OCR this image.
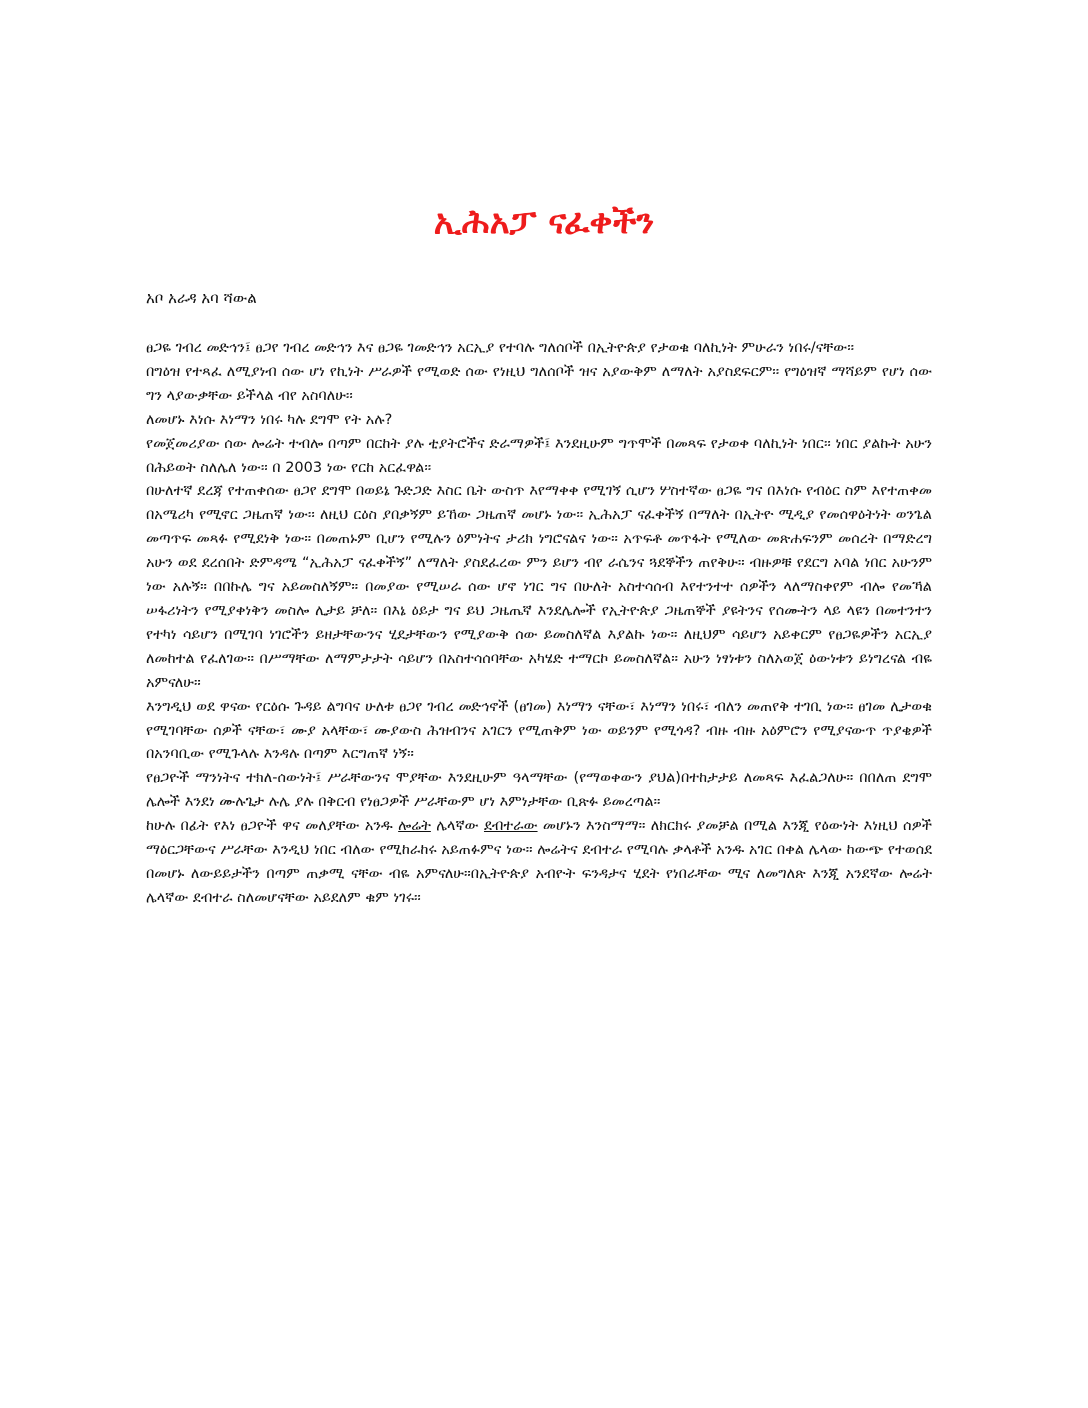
ኢሕአፓ ናፈቀችን

አቦ አራዳ አባ ሻውል

ፀጋዬ ገብረ መድኅን፤ ፀጋየ ገብረ መድኅን እና ፀጋዬ ገመድኅን አርኢያ የተባሉ ግለሰቦች በኢትዮጵያ የታወቁ ባለኪነት ምሁራን ነበሩ/ናቸው፡፡

በግዕዝ የተጻፈ ለሚያነብ ሰው ሆነ የኪነት ሥራዎች የሚወድ ሰው የነዚህ ግለሰቦች ዝና አያውቅም ለማለት አያስደፍርም፡፡ የግዕዝኛ ማሻይም የሆነ ሰው ግን ላያውቃቸው ይችላል ብየ አስባለሁ፡፡

ለመሆኑ እነሱ እነማን ነበሩ ካሉ ደግሞ የት አሉ?

የመጀመሪያው ሰው ሎሬት ተብሎ በጣም በርከት ያሉ ቲያትሮችና ድራማዎች፤ እንደዚሁም ግጥሞች በመጻፍ የታወቀ ባለኪነት ነበር፡፡ ነበር ያልኩት አሁን በሕይወት ስለሌለ ነው፡፡ በ 2003 ነው የርከ አርፈዋል፡፡

በሁለተኛ ደረጃ የተጠቀሰው ፀጋየ ደግሞ በወይኔ ጉድጋድ እስር ቤት ውስጥ እየማቀቀ የሚገኝ ሲሆን ሦስተኛው ፀጋዬ ግና በእነሱ የብዕር ስም እየተጠቀመ በአሜሪካ የሚኖር ጋዜጠኛ ነው፡፡ ለዚህ ርዕስ ያበቃኝም ይኸው ጋዜጠኛ መሆኑ ነው፡፡ ኢሕአፓ ናፈቀችኝ በማለት በኢትዮ ሚዲያ የመሰዋዕትነት ወንጌል መጣጥፍ መጻፉ የሚደነቅ ነው። በመጠኑም ቢሆን የሚሉን ዕምነትና ታሪክ ነግሮናልና ነው። አጥፍቶ መጥፋት የሚለው መጽሐፍንም መሰረት በማድረግ አሁን ወደ ደረሰበት ድምዳሜ “ኢሕአፓ ናፈቀችኝ” ለማለት ያስደፈረው ምን ይሆን ብየ ራሴንና ጓደኞችን ጠየቅሁ። ብዙዎቹ የደርግ አባል ነበር አሁንም ነው አሉኝ። በበኩሌ ግና አይመስለኝም። በመያው የሚሠራ ሰው ሆኖ ነገር ግና በሁለት አስተሳሰብ እየተንተተ ሰዎችን ላለማስቀየም ብሎ የመኻል ሠፋሪነትን የሚያቀነቅን መስሎ ሊታይ ቻለ። በእኔ ዕይታ ግና ይህ ጋዜጤኛ እንደሌሎች የኢትዮጵያ ጋዜጠኞች ያዩትንና የሰሙትን ላይ ላዩን በመተንተን የተካነ ሳይሆን በሚገባ ነገሮችን ይዘታቸውንና ሂደታቸውን የሚያውቅ ሰው ይመስለኛል እያልኩ ነው። ለዚህም ሳይሆን አይቀርም የፀጋዬዎችን አርኢያ ለመከተል የፈለገው። በሥማቸው ለማምታታት ሳይሆን በአስተሳሰባቸው አካሄድ ተማርኮ ይመስለኛል። አሁን ነፃነቱን ስለአወጀ ዕውነቱን ይነግረናል ብዬ አምናለሁ።

እንግዲህ ወደ ዋናው የርዕሱ ጉዳይ ልግባና ሁለቱ ፀጋየ ገብረ መድኅኖች (ፀገመ) እነማን ናቸው፣ እነማን ነበሩ፣ ብለን መጠየቅ ተገቢ ነው። ፀገመ ሊታወቁ የሚገባቸው ሰዎች ናቸው፣ ሙያ አላቸው፣ ሙያውስ ሕዝብንና አገርን የሚጠቅም ነው ወይንም የሚጎዳ? ብዙ ብዙ አዕምሮን የሚያናውጥ ጥያቄዎች በአንባቢው የሚጉላሉ እንዳሉ በጣም እርግጠኛ ነኝ።

የፀጋዮች ማንነትና ተክለ-ሰውነት፤ ሥራቸውንና ሞያቸው እንደዚሁም ዓላማቸው (የማወቀውን ያህል)በተከታታይ ለመጻፍ እፈልጋለሁ። በበለጠ ደግሞ ሌሎች እንደነ ሙሉጌታ ሉሌ ያሉ በቅርብ የነፀጋዎች ሥራቸውም ሆነ እምነታቸው ቢጽፉ ይመረጣል።

ከሁሉ በፊት የእነ ፀጋዮች ዋና መለያቸው አንዱ ሎሬት ሌላኛው ደብተራው መሆኑን እንስማማ። ለክርክሩ ያመቻል በሚል እንጂ የዕውነት እነዚህ ሰዎች ማዕርጋቸውና ሥራቸው እንዲህ ነበር ብለው የሚከራከሩ አይጠፉምና ነው። ሎሬትና ደብተራ የሚባሉ ቃላቶች አንዱ አገር በቀል ሌላው ከውጭ የተወሰደ በመሆኑ ለውይይታችን በጣም ጠቃሚ ናቸው ብዬ አምናለሁ።በኢትዮጵያ አብዮት ፍንዳታና ሂደት የነበራቸው ሚና ለመግለጽ እንጂ አንደኛው ሎሬት ሌላኛው ደብተራ ስለመሆናቸው አይደለም ቁም ነገሩ፡፡
